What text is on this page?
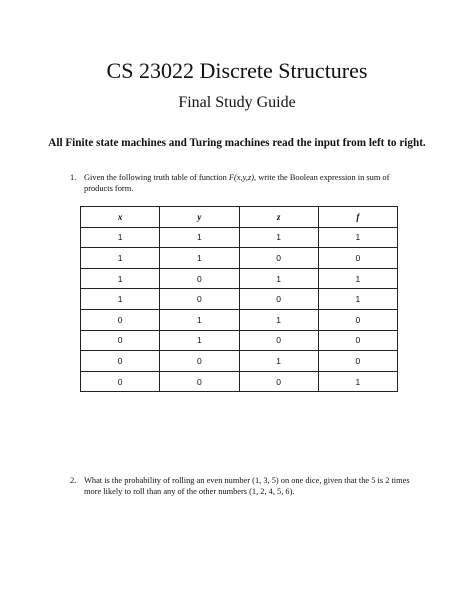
CS 23022 Discrete Structures
Final Study Guide
All Finite state machines and Turing machines read the input from left to right.
1. Given the following truth table of function F(x,y,z), write the Boolean expression in sum of products form.
x	y	z	f
1	1	1	1
1	1	0	0
1	0	1	1
1	0	0	1
0	1	1	0
0	1	0	0
0	0	1	0
0	0	0	1
2. What is the probability of rolling an even number (1, 3, 5) on one dice, given that the 5 is 2 times more likely to roll than any of the other numbers (1, 2, 4, 5, 6).
